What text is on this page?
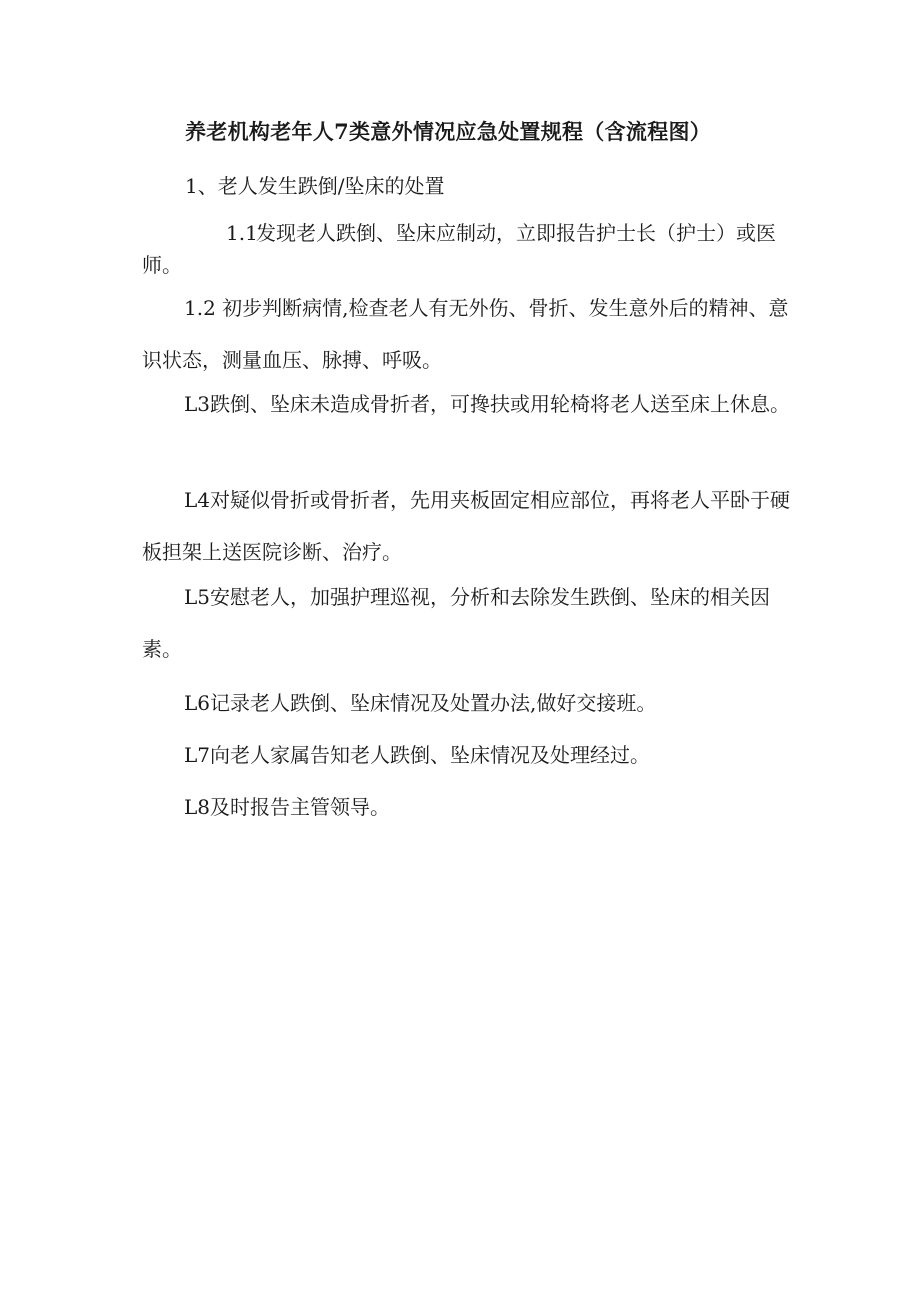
养老机构老年人7类意外情况应急处置规程（含流程图）
1、老人发生跌倒/坠床的处置

1.1发现老人跌倒、坠床应制动，立即报告护士长（护士）或医师。

1.2 初步判断病情,检查老人有无外伤、骨折、发生意外后的精神、意识状态，测量血压、脉搏、呼吸。

L3跌倒、坠床未造成骨折者，可搀扶或用轮椅将老人送至床上休息。

L4对疑似骨折或骨折者，先用夹板固定相应部位，再将老人平卧于硬板担架上送医院诊断、治疗。

L5安慰老人，加强护理巡视，分析和去除发生跌倒、坠床的相关因素。

L6记录老人跌倒、坠床情况及处置办法,做好交接班。

L7向老人家属告知老人跌倒、坠床情况及处理经过。

L8及时报告主管领导。
